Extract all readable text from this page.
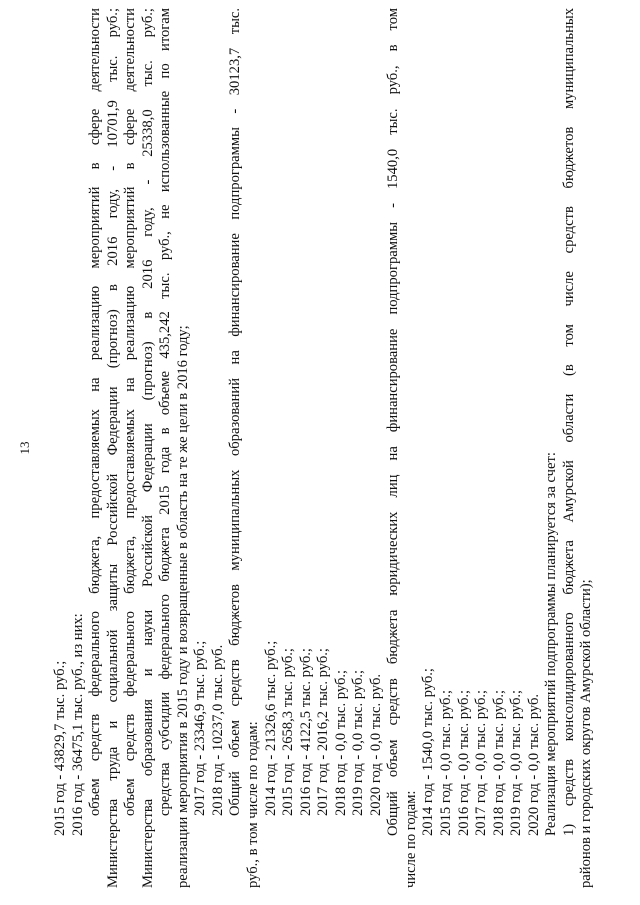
13
2015 год - 43829,7 тыс. руб.; 2016 год - 36475,1 тыс. руб., из них: объем средств федерального бюджета, предоставляемых на реализацию мероприятий в сфере деятельности Министерства труда и социальной защиты Российской Федерации (прогноз) в 2016 году, - 10701,9 тыс. руб.; объем средств федерального бюджета, предоставляемых на реализацию мероприятий в сфере деятельности Министерства образования и науки Российской Федерации (прогноз) в 2016 году, - 25338,0 тыс. руб.; средства субсидии федерального бюджета 2015 года в объеме 435,242 тыс. руб., не использованные по итогам реализации мероприятия в 2015 году и возвращенные в область на те же цели в 2016 году; 2017 год - 23346,9 тыс. руб.; 2018 год - 10237,0 тыс. руб. Общий объем средств бюджетов муниципальных образований на финансирование подпрограммы - 30123,7 тыс. руб., в том числе по годам: 2014 год - 21326,6 тыс. руб.; 2015 год - 2658,3 тыс. руб.; 2016 год - 4122,5 тыс. руб.; 2017 год - 2016,2 тыс. руб.; 2018 год - 0,0 тыс. руб.; 2019 год - 0,0 тыс. руб.; 2020 год - 0,0 тыс. руб. Общий объем средств бюджета юридических лиц на финансирование подпрограммы - 1540,0 тыс. руб., в том
числе по годам:
2014 год - 1540,0 тыс. руб.; 2015 год - 0,0 тыс. руб.; 2016 год - 0,0 тыс. руб.; 2017 год - 0,0 тыс. руб.; 2018 год - 0,0 тыс. руб.; 2019 год - 0,0 тыс. руб.; 2020 год - 0,0 тыс. руб. Реализация мероприятий подпрограммы планируется за счет: 1) средств консолидированного бюджета Амурской области (в том числе средств бюджетов муниципальных районов и городских округов Амурской области);
